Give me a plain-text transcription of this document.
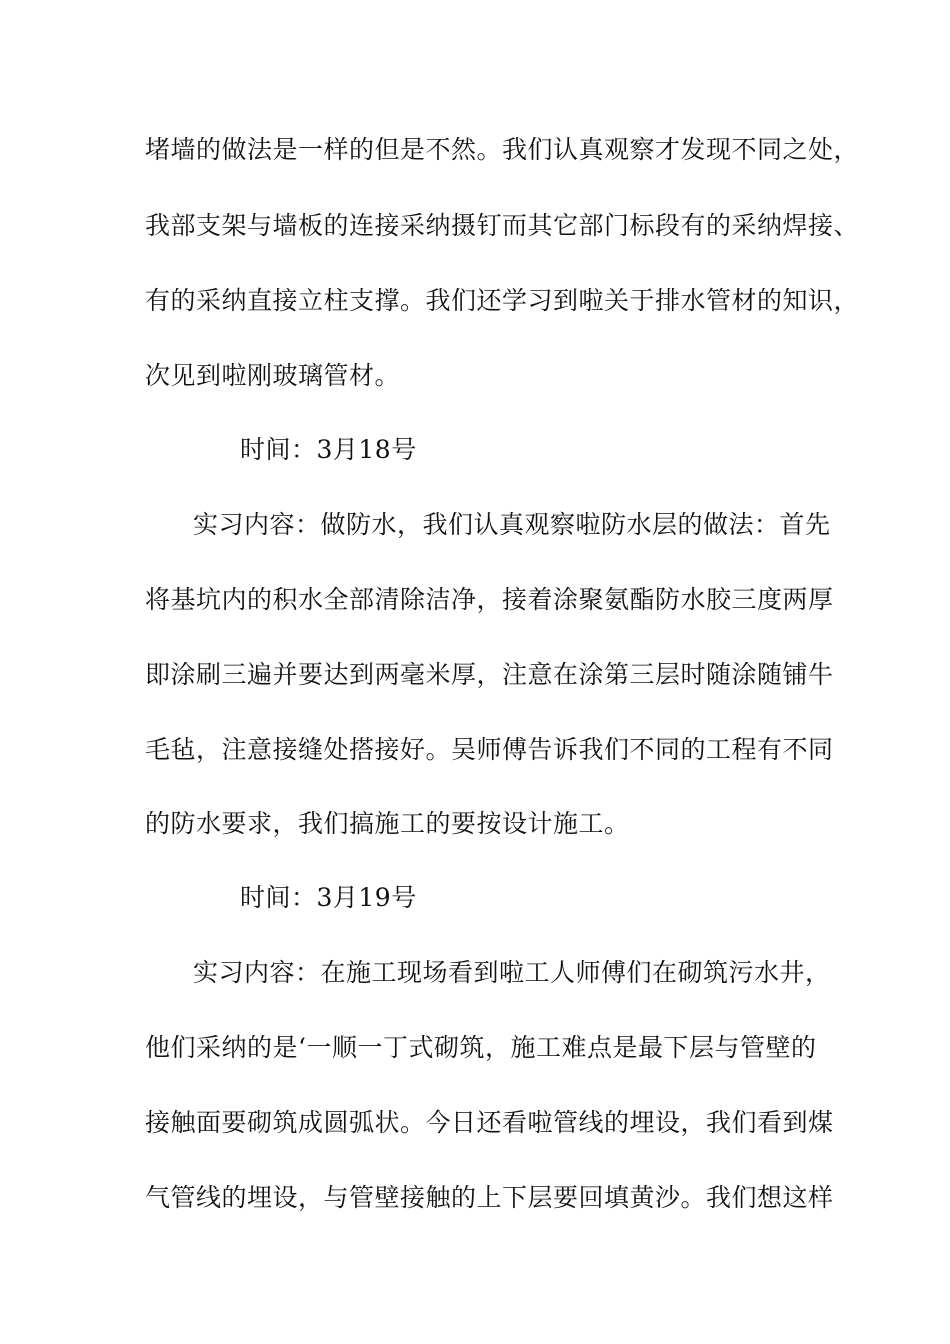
堵墙的做法是一样的但是不然。我们认真观察才发现不同之处，
我部支架与墙板的连接采纳摄钉而其它部门标段有的采纳焊接、
有的采纳直接立柱支撑。我们还学习到啦关于排水管材的知识，
次见到啦刚玻璃管材。
时间：3月18号
实习内容：做防水，我们认真观察啦防水层的做法：首先
将基坑内的积水全部清除洁净，接着涂聚氨酯防水胶三度两厚
即涂刷三遍并要达到两毫米厚，注意在涂第三层时随涂随铺牛
毛毡，注意接缝处搭接好。吴师傅告诉我们不同的工程有不同
的防水要求，我们搞施工的要按设计施工。
时间：3月19号
实习内容：在施工现场看到啦工人师傅们在砌筑污水井，
他们采纳的是‘一顺一丁式砌筑，施工难点是最下层与管壁的
接触面要砌筑成圆弧状。今日还看啦管线的埋设，我们看到煤
气管线的埋设，与管壁接触的上下层要回填黄沙。我们想这样
